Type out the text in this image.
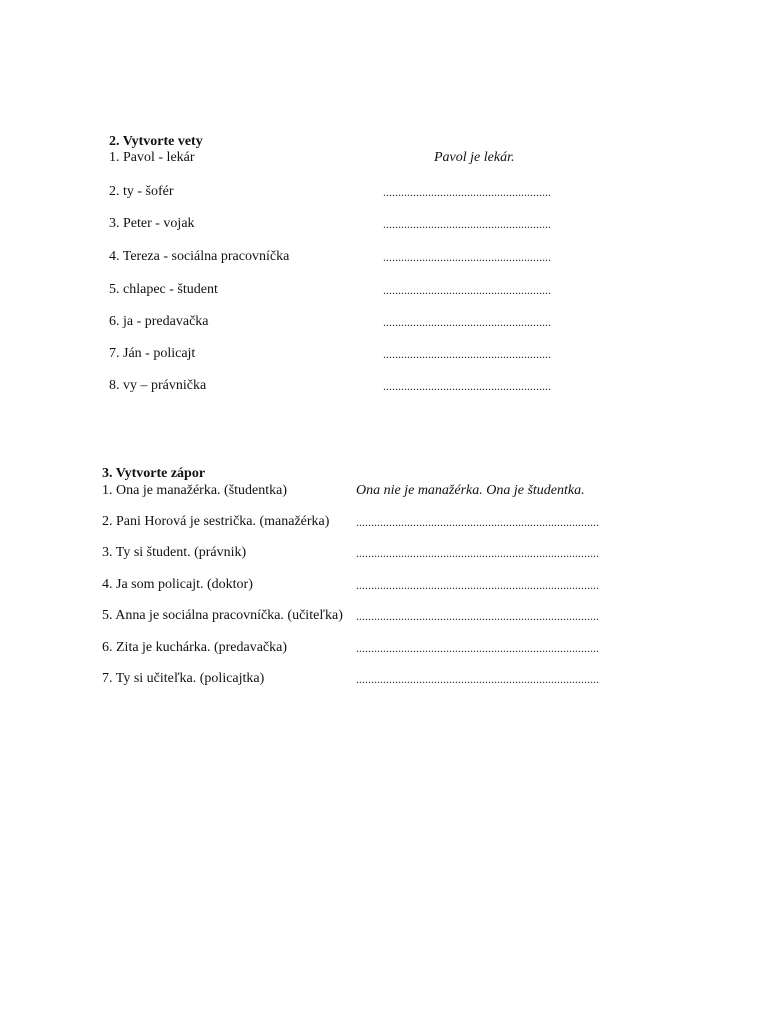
2. Vytvorte vety
1. Pavol - lekár	Pavol je lekár.
2. ty - šofér	........................................................
3. Peter - vojak	........................................................
4. Tereza - sociálna pracovníčka	........................................................
5. chlapec - študent	........................................................
6. ja - predavačka	........................................................
7. Ján - policajt	........................................................
8. vy – právnička	........................................................
3. Vytvorte zápor
1. Ona je manažérka. (študentka)	Ona nie je manažérka. Ona je študentka.
2. Pani Horová je sestrička. (manažérka) .................................................................................
3. Ty si študent. (právnik)	.................................................................................
4. Ja som policajt. (doktor)	.................................................................................
5. Anna je sociálna pracovníčka. (učiteľka) .................................................................................
6. Zita je kuchárka. (predavačka)	.................................................................................
7. Ty si učiteľka. (policajtka)	.................................................................................
